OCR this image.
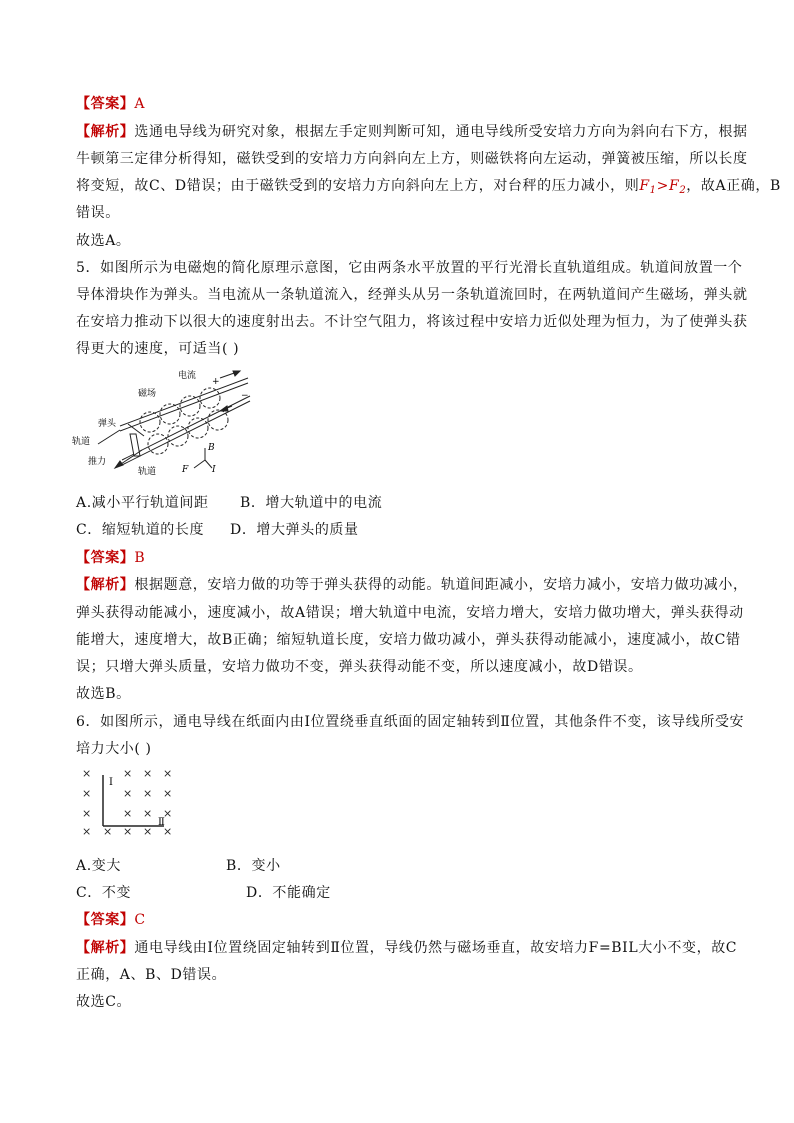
【答案】A
【解析】选通电导线为研究对象，根据左手定则判断可知，通电导线所受安培力方向为斜向右下方，根据
牛顿第三定律分析得知，磁铁受到的安培力方向斜向左上方，则磁铁将向左运动，弹簧被压缩，所以长度
将变短，故C、D错误；由于磁铁受到的安培力方向斜向左上方，对台秤的压力减小，则$F_1>F_2$，故A正确，B
错误。
故选A。
5．如图所示为电磁炮的简化原理示意图，它由两条水平放置的平行光滑长直轨道组成。轨道间放置一个
导体滑块作为弹头。当电流从一条轨道流入，经弹头从另一条轨道流回时，在两轨道间产生磁场，弹头就
在安培力推动下以很大的速度射出去。不计空气阻力，将该过程中安培力近似处理为恒力，为了使弹头获
得更大的速度，可适当( )
电流
+
磁场	−
弹头
轨道
推力
轨道
B
F	I
A.减小平行轨道间距 B．增大轨道中的电流
C．缩短轨道的长度 D．增大弹头的质量
【答案】B
【解析】根据题意，安培力做的功等于弹头获得的动能。轨道间距减小，安培力减小，安培力做功减小，
弹头获得动能减小，速度减小，故A错误；增大轨道中电流，安培力增大，安培力做功增大，弹头获得动
能增大，速度增大，故B正确；缩短轨道长度，安培力做功减小，弹头获得动能减小，速度减小，故C错
误；只增大弹头质量，安培力做功不变，弹头获得动能不变，所以速度减小，故D错误。
故选B。
6．如图所示，通电导线在纸面内由Ⅰ位置绕垂直纸面的固定轴转到Ⅱ位置，其他条件不变，该导线所受安
培力大小( )
×	× × ×
×	× × ×
×	× × ×
× × × × ×
Ⅰ
Ⅱ
A.变大	B．变小
C．不变	D．不能确定
【答案】C
【解析】通电导线由Ⅰ位置绕固定轴转到Ⅱ位置，导线仍然与磁场垂直，故安培力F=BIL大小不变，故C
正确，A、B、D错误。
故选C。
